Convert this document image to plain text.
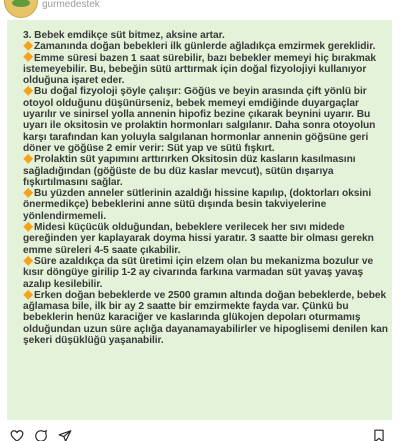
gurmedestek

3. Bebek emdikçe süt bitmez, aksine artar.

Zamanında doğan bebekleri ilk günlerde ağladıkça emzirmek gereklidir.

Emme süresi bazen 1 saat sürebilir, bazı bebekler memeyi hiç bırakmak istemeyebilir. Bu, bebeğin sütü arttırmak için doğal fizyolojiyi kullanıyor olduğuna işaret eder.

Bu doğal fizyoloji şöyle çalışır: Göğüs ve beyin arasında çift yönlü bir otoyol olduğunu düşünürseniz, bebek memeyi emdiğinde duyargaçlar uyarılır ve sinirsel yolla annenin hipofiz bezine çıkarak beynini uyarır. Bu uyarı ile oksitosin ve prolaktin hormonları salgılanır. Daha sonra otoyolun karşı tarafından kan yoluyla salgılanan hormonlar annenin göğsüne geri döner ve göğüse 2 emir verir: Süt yap ve sütü fışkırt.

Prolaktin süt yapımını arttırırken Oksitosin düz kasların kasılmasını sağladığından (göğüste de bu düz kaslar mevcut), sütün dışarıya fışkırtılmasını sağlar.

Bu yüzden anneler sütlerinin azaldığı hissine kapılıp, (doktorları oksini önermedikçe) bebeklerini anne sütü dışında besin takviyelerine yönlendirmemeli.

Midesi küçücük olduğundan, bebeklere verilecek her sıvı midede gereğinden yer kaplayarak doyma hissi yaratır. 3 saatte bir olması gerekn emme süreleri 4-5 saate çıkabilir.

Süre azaldıkça da süt üretimi için elzem olan bu mekanizma bozulur ve kısır döngüye girilip 1-2 ay civarında farkına varmadan süt yavaş yavaş azalıp kesilebilir.

Erken doğan bebeklerde ve 2500 gramın altında doğan bebeklerde, bebek ağlamasa bile, ilk bir ay 2 saatte bir emzirmekte fayda var. Çünkü bu bebeklerin henüz karaciğer ve kaslarında glükojen depoları oturmamış olduğundan uzun süre açlığa dayanamayabilirler ve hipoglisemi denilen kan şekeri düşüklüğü yaşanabilir.
